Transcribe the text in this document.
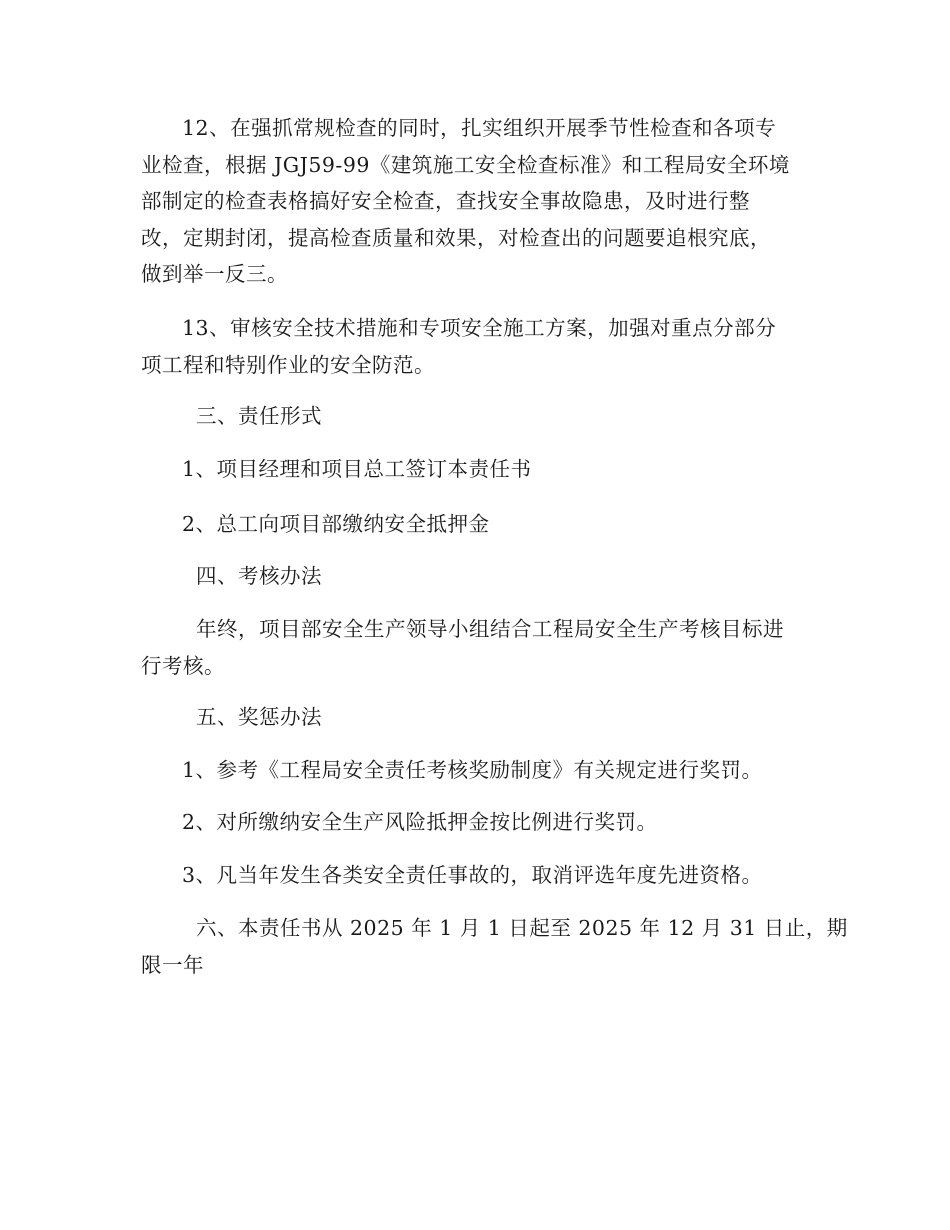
12、在强抓常规检查的同时，扎实组织开展季节性检查和各项专
业检查，根据 JGJ59-99《建筑施工安全检查标准》和工程局安全环境
部制定的检查表格搞好安全检查，查找安全事故隐患，及时进行整
改，定期封闭，提高检查质量和效果，对检查出的问题要追根究底，
做到举一反三。

13、审核安全技术措施和专项安全施工方案，加强对重点分部分
项工程和特别作业的安全防范。

三、责任形式

1、项目经理和项目总工签订本责任书

2、总工向项目部缴纳安全抵押金

四、考核办法

年终，项目部安全生产领导小组结合工程局安全生产考核目标进
行考核。

五、奖惩办法

1、参考《工程局安全责任考核奖励制度》有关规定进行奖罚。

2、对所缴纳安全生产风险抵押金按比例进行奖罚。

3、凡当年发生各类安全责任事故的，取消评选年度先进资格。

六、本责任书从 2025 年 1 月 1 日起至 2025 年 12 月 31 日止，期
限一年
